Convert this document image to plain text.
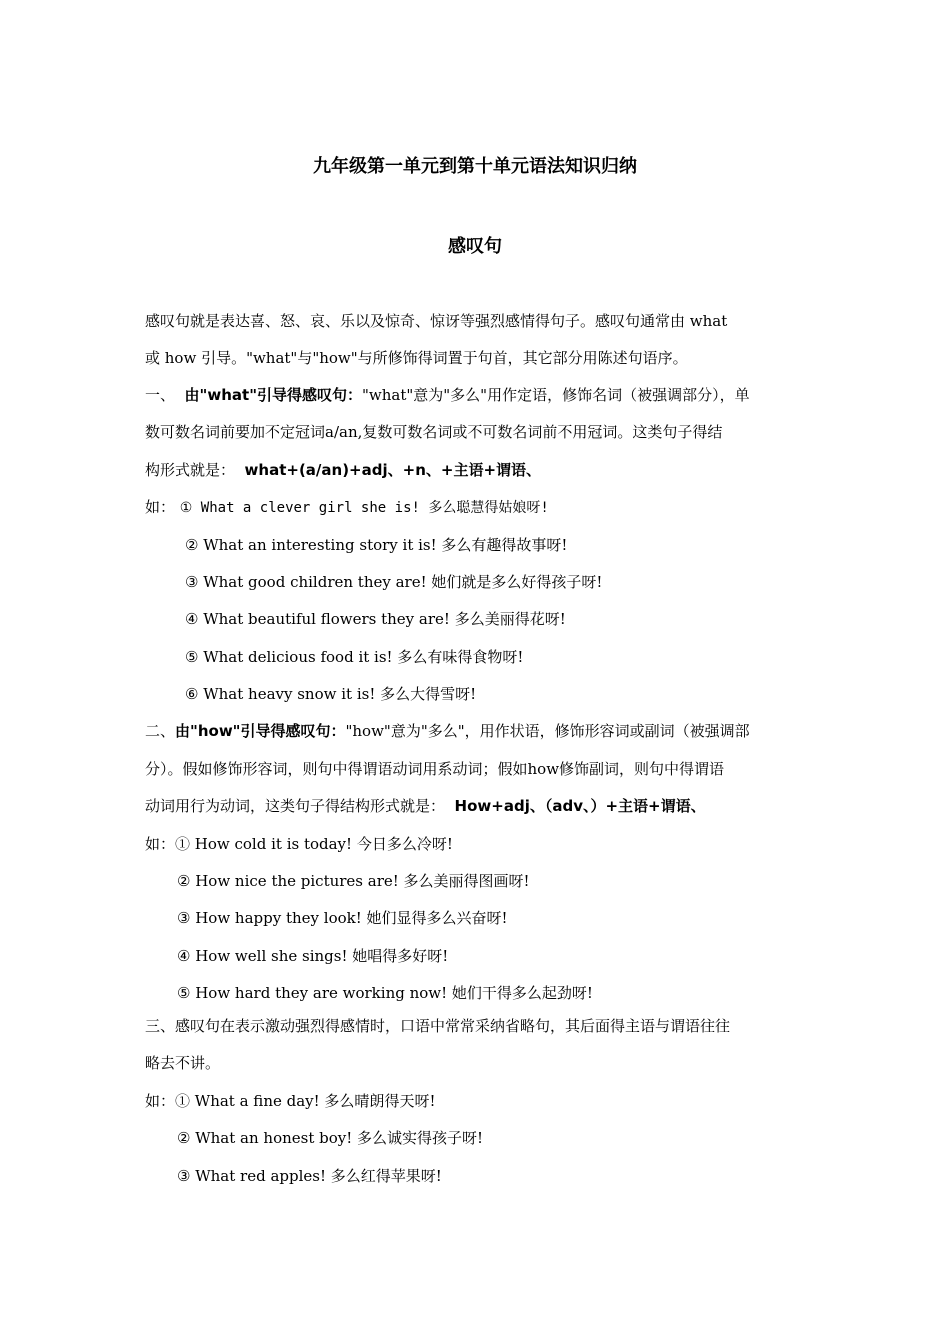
九年级第一单元到第十单元语法知识归纳
感叹句
感叹句就是表达喜、怒、哀、乐以及惊奇、惊讶等强烈感情得句子。感叹句通常由 what
或 how 引导。"what"与"how"与所修饰得词置于句首，其它部分用陈述句语序。
一、  由"what"引导得感叹句："what"意为"多么"用作定语，修饰名词（被强调部分），单
数可数名词前要加不定冠词a/an,复数可数名词或不可数名词前不用冠词。这类句子得结
构形式就是：  what+(a/an)+adj、+n、+主语+谓语、
如： ① What a clever girl she is! 多么聪慧得姑娘呀!
② What an interesting story it is! 多么有趣得故事呀!
③ What good children they are! 她们就是多么好得孩子呀!
④ What beautiful flowers they are! 多么美丽得花呀!
⑤ What delicious food it is! 多么有味得食物呀!
⑥ What heavy snow it is! 多么大得雪呀!
二、由"how"引导得感叹句："how"意为"多么"，用作状语，修饰形容词或副词（被强调部
分）。假如修饰形容词，则句中得谓语动词用系动词；假如how修饰副词，则句中得谓语
动词用行为动词，这类句子得结构形式就是：  How+adj、（adv、）+主语+谓语、
如：① How cold it is today! 今日多么冷呀!
② How nice the pictures are! 多么美丽得图画呀!
③ How happy they look! 她们显得多么兴奋呀!
④ How well she sings! 她唱得多好呀!
⑤ How hard they are working now! 她们干得多么起劲呀!
三、感叹句在表示激动强烈得感情时，口语中常常采纳省略句，其后面得主语与谓语往往
略去不讲。
如：① What a fine day! 多么晴朗得天呀!
② What an honest boy! 多么诚实得孩子呀!
③ What red apples! 多么红得苹果呀!
